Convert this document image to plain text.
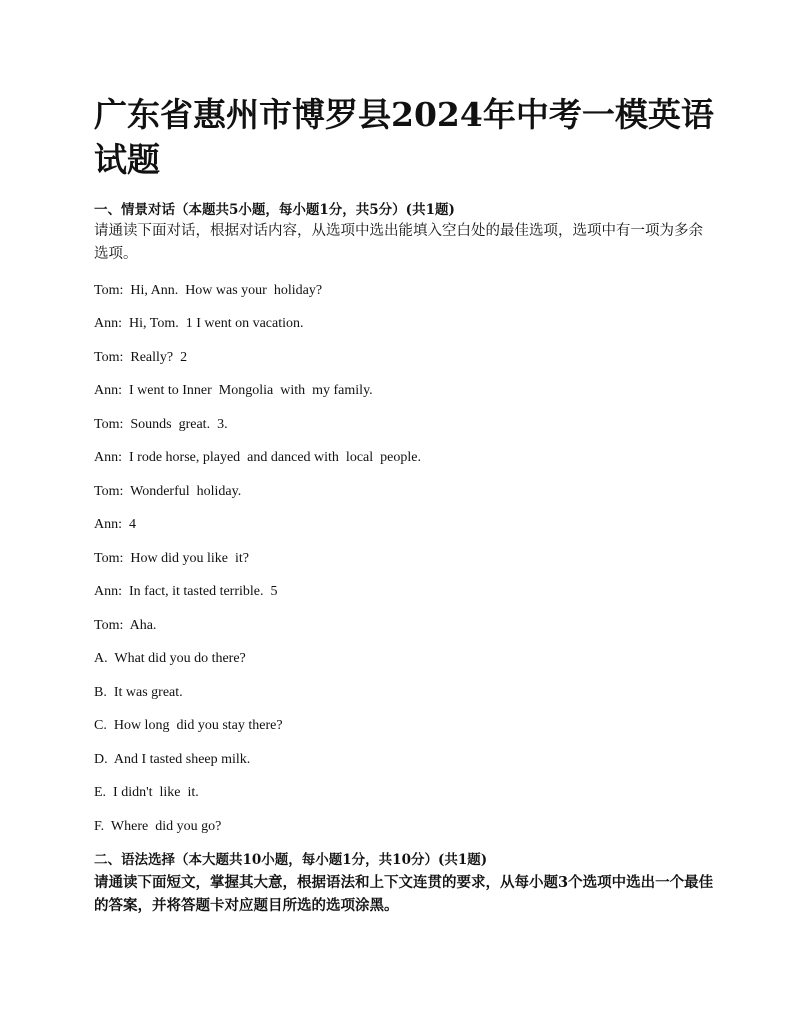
广东省惠州市博罗县2024年中考一模英语试题

一、情景对话（本题共5小题，每小题1分，共5分）(共1题)

请通读下面对话，根据对话内容，从选项中选出能填入空白处的最佳选项，选项中有一项为多余选项。

Tom:  Hi, Ann.  How was your  holiday?

Ann:  Hi, Tom.  1 I went on vacation.

Tom:  Really?  2

Ann:  I went to Inner  Mongolia  with  my family.

Tom:  Sounds  great.  3.

Ann:  I rode horse, played  and danced with  local  people.

Tom:  Wonderful  holiday.

Ann:  4

Tom:  How did you like  it?

Ann:  In fact, it tasted terrible.  5

Tom:  Aha.

A.  What did you do there?

B.  It was great.

C.  How long  did you stay there?

D.  And I tasted sheep milk.

E.  I didn't  like  it.

F.  Where  did you go?

二、语法选择（本大题共10小题，每小题1分，共10分）(共1题)

请通读下面短文，掌握其大意，根据语法和上下文连贯的要求，从每小题3个选项中选出一个最佳的答案，并将答题卡对应题目所选的选项涂黑。
